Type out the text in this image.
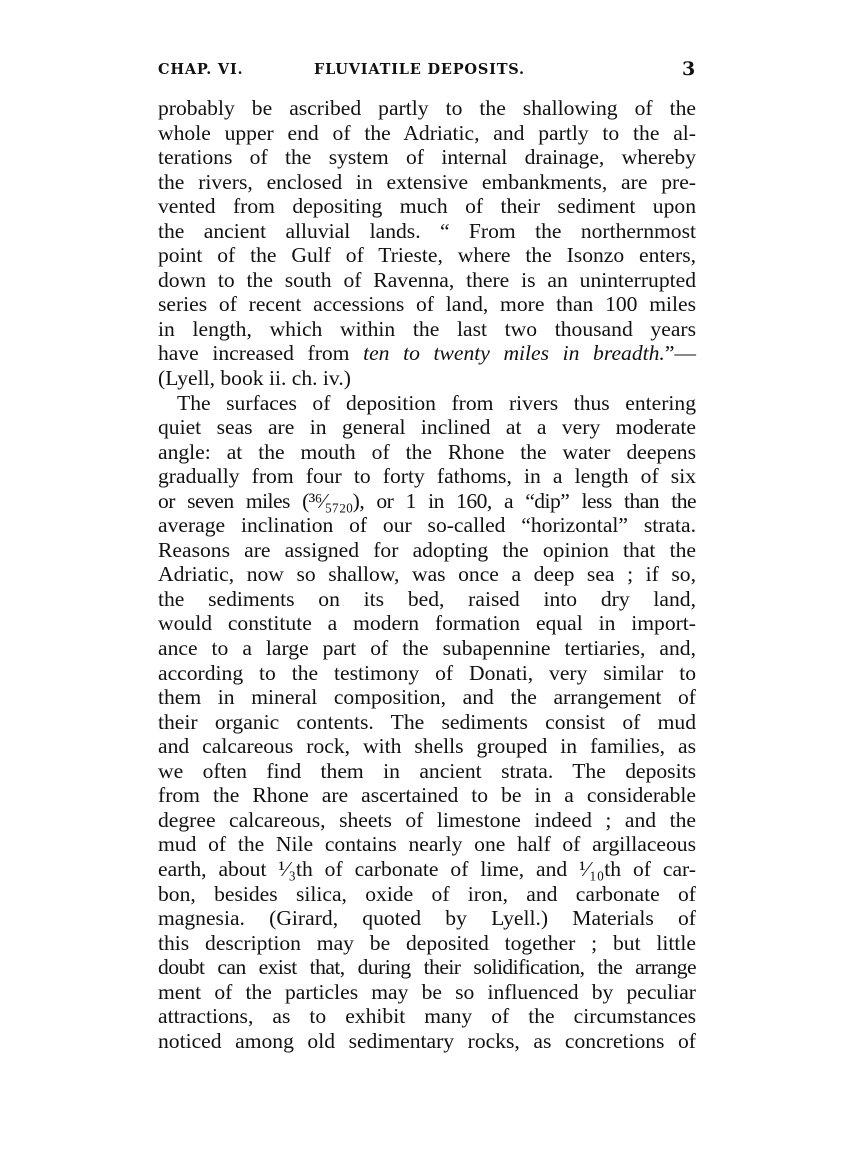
CHAP. VI.	FLUVIATILE DEPOSITS.	3
probably be ascribed partly to the shallowing of the
whole upper end of the Adriatic, and partly to the al-
terations of the system of internal drainage, whereby
the rivers, enclosed in extensive embankments, are pre-
vented from depositing much of their sediment upon
the ancient alluvial lands. “ From the northernmost
point of the Gulf of Trieste, where the Isonzo enters,
down to the south of Ravenna, there is an uninterrupted
series of recent accessions of land, more than 100 miles
in length, which within the last two thousand years
have increased from ten to twenty miles in breadth.”—
(Lyell, book ii. ch. iv.)
The surfaces of deposition from rivers thus entering
quiet seas are in general inclined at a very moderate
angle: at the mouth of the Rhone the water deepens
gradually from four to forty fathoms, in a length of six
or seven miles (³⁶⁄₅₇₂₀), or 1 in 160, a “dip” less than the
average inclination of our so-called “horizontal” strata.
Reasons are assigned for adopting the opinion that the
Adriatic, now so shallow, was once a deep sea ; if so,
the sediments on its bed, raised into dry land,
would constitute a modern formation equal in import-
ance to a large part of the subapennine tertiaries, and,
according to the testimony of Donati, very similar to
them in mineral composition, and the arrangement of
their organic contents. The sediments consist of mud
and calcareous rock, with shells grouped in families, as
we often find them in ancient strata. The deposits
from the Rhone are ascertained to be in a considerable
degree calcareous, sheets of limestone indeed ; and the
mud of the Nile contains nearly one half of argillaceous
earth, about ¹⁄₃th of carbonate of lime, and ¹⁄₁₀th of car-
bon, besides silica, oxide of iron, and carbonate of
magnesia. (Girard, quoted by Lyell.) Materials of
this description may be deposited together ; but little
doubt can exist that, during their solidification, the arrange
ment of the particles may be so influenced by peculiar
attractions, as to exhibit many of the circumstances
noticed among old sedimentary rocks, as concretions of
